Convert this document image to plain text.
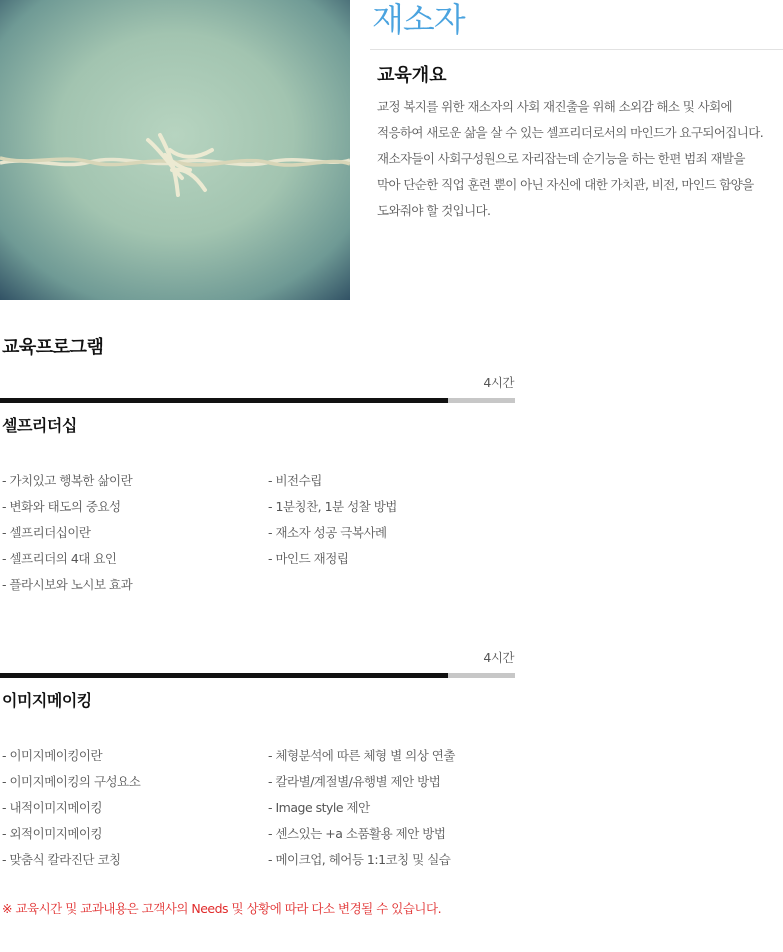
재소자
교육개요
교정 복지를 위한 재소자의 사회 재진출을 위해 소외감 해소 및 사회에
적응하여 새로운 삶을 살 수 있는 셀프리더로서의 마인드가 요구되어집니다.
재소자들이 사회구성원으로 자리잡는데 순기능을 하는 한편 범죄 재발을
막아 단순한 직업 훈련 뿐이 아닌 자신에 대한 가치관, 비전, 마인드 함양을
도와줘야 할 것입니다.
교육프로그램
4시간
셀프리더십
- 가치있고 행복한 삶이란
- 변화와 태도의 중요성
- 셀프리더십이란
- 셀프리더의 4대 요인
- 플라시보와 노시보 효과
- 비전수립
- 1분칭찬, 1분 성찰 방법
- 재소자 성공 극복사례
- 마인드 재정립
4시간
이미지메이킹
- 이미지메이킹이란
- 이미지메이킹의 구성요소
- 내적이미지메이킹
- 외적이미지메이킹
- 맞춤식 칼라진단 코칭
- 체형분석에 따른 체형 별 의상 연출
- 칼라별/계절별/유행별 제안 방법
- Image style 제안
- 센스있는 +a 소품활용 제안 방법
- 메이크업, 헤어등 1:1코칭 및 실습
※ 교육시간 및 교과내용은 고객사의 Needs 및 상황에 따라 다소 변경될 수 있습니다.
